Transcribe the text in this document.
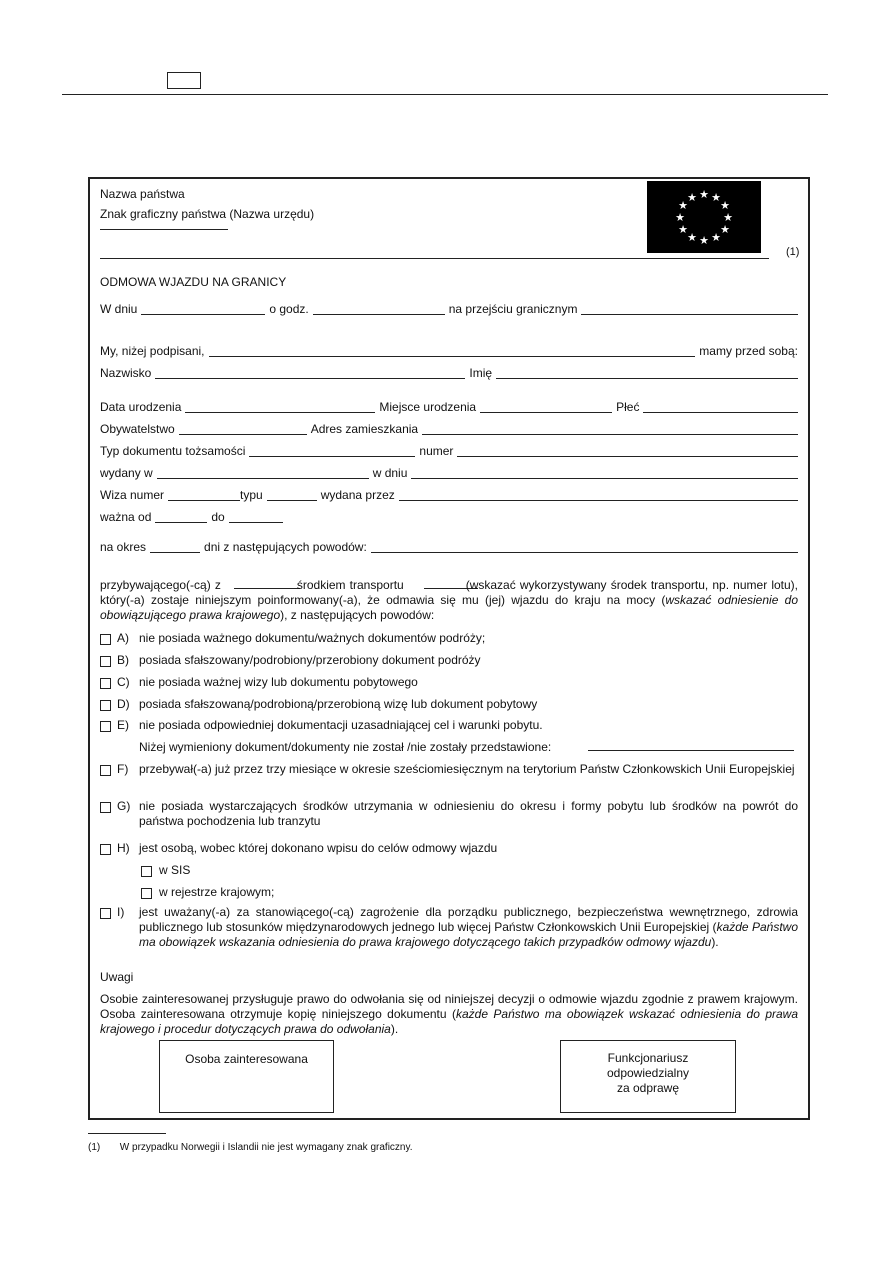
Nazwa państwa
Znak graficzny państwa (Nazwa urzędu)
(1)
★ ★
★
★
★
★
★
★
★
★
★
★
ODMOWA WJAZDU NA GRANICY
W dniu	o godz.	na przejściu granicznym
My, niżej podpisani,	mamy przed sobą:
Nazwisko	Imię
Data urodzenia	Miejsce urodzenia	Płeć
Obywatelstwo	Adres zamieszkania
Typ dokumentu tożsamości	numer
wydany w	w dniu
Wiza numer	typu	wydana przez
ważna od	do
na okres	dni z następujących powodów:
przybywającego(-cą) z	środkiem transportu	(wskazać wykorzystywany środek transportu, np. numer lotu), który(-a) zostaje niniejszym poinformowany(-a), że odmawia się mu (jej) wjazdu do kraju na mocy (wskazać odniesienie do obowiązującego prawa krajowego), z następujących powodów:
A) nie posiada ważnego dokumentu/ważnych dokumentów podróży;
B) posiada sfałszowany/podrobiony/przerobiony dokument podróży
C) nie posiada ważnej wizy lub dokumentu pobytowego
D) posiada sfałszowaną/podrobioną/przerobioną wizę lub dokument pobytowy
E) nie posiada odpowiedniej dokumentacji uzasadniającej cel i warunki pobytu.
Niżej wymieniony dokument/dokumenty nie został /nie zostały przedstawione:
F) przebywał(-a) już przez trzy miesiące w okresie sześciomiesięcznym na terytorium Państw Członkowskich Unii Europejskiej
G) nie posiada wystarczających środków utrzymania w odniesieniu do okresu i formy pobytu lub środków na powrót do państwa pochodzenia lub tranzytu
H) jest osobą, wobec której dokonano wpisu do celów odmowy wjazdu
w SIS
w rejestrze krajowym;
I) jest uważany(-a) za stanowiącego(-cą) zagrożenie dla porządku publicznego, bezpieczeństwa wewnętrznego, zdrowia publicznego lub stosunków międzynarodowych jednego lub więcej Państw Członkowskich Unii Europejskiej (każde Państwo ma obowiązek wskazania odniesienia do prawa krajowego dotyczącego takich przypadków odmowy wjazdu).
Uwagi
Osobie zainteresowanej przysługuje prawo do odwołania się od niniejszej decyzji o odmowie wjazdu zgodnie z prawem krajowym. Osoba zainteresowana otrzymuje kopię niniejszego dokumentu (każde Państwo ma obowiązek wskazać odniesienia do prawa krajowego i procedur dotyczących prawa do odwołania).
Osoba zainteresowana	Funkcjonariusz
odpowiedzialny
za odprawę
(1) W przypadku Norwegii i Islandii nie jest wymagany znak graficzny.
